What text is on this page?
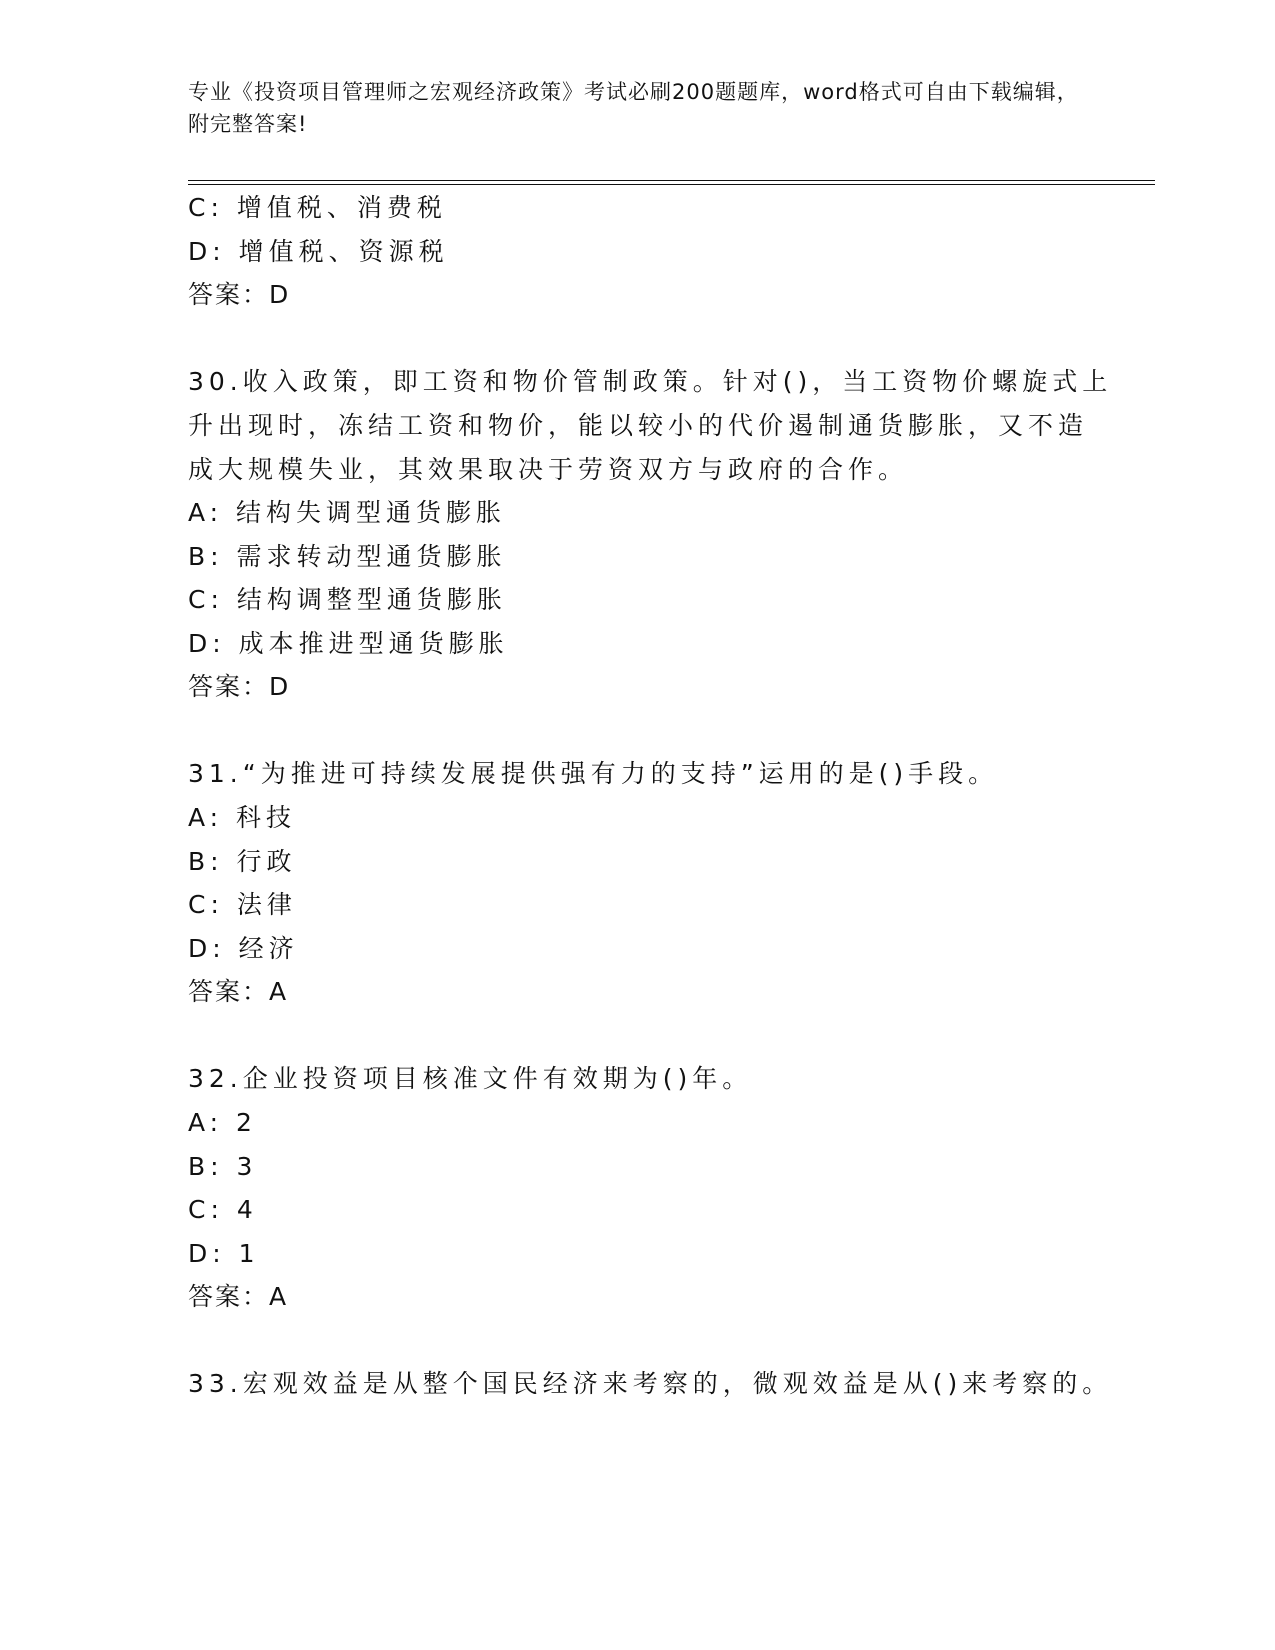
专业《投资项目管理师之宏观经济政策》考试必刷200题题库，word格式可自由下载编辑，附完整答案!
C: 增值税、消费税
D: 增值税、资源税
答案：D
30.收入政策，即工资和物价管制政策。针对()，当工资物价螺旋式上
升出现时，冻结工资和物价，能以较小的代价遏制通货膨胀，又不造
成大规模失业，其效果取决于劳资双方与政府的合作。
A: 结构失调型通货膨胀
B: 需求转动型通货膨胀
C: 结构调整型通货膨胀
D: 成本推进型通货膨胀
答案：D
31.“为推进可持续发展提供强有力的支持”运用的是()手段。
A: 科技
B: 行政
C: 法律
D: 经济
答案：A
32.企业投资项目核准文件有效期为()年。
A: 2
B: 3
C: 4
D: 1
答案：A
33.宏观效益是从整个国民经济来考察的，微观效益是从()来考察的。
